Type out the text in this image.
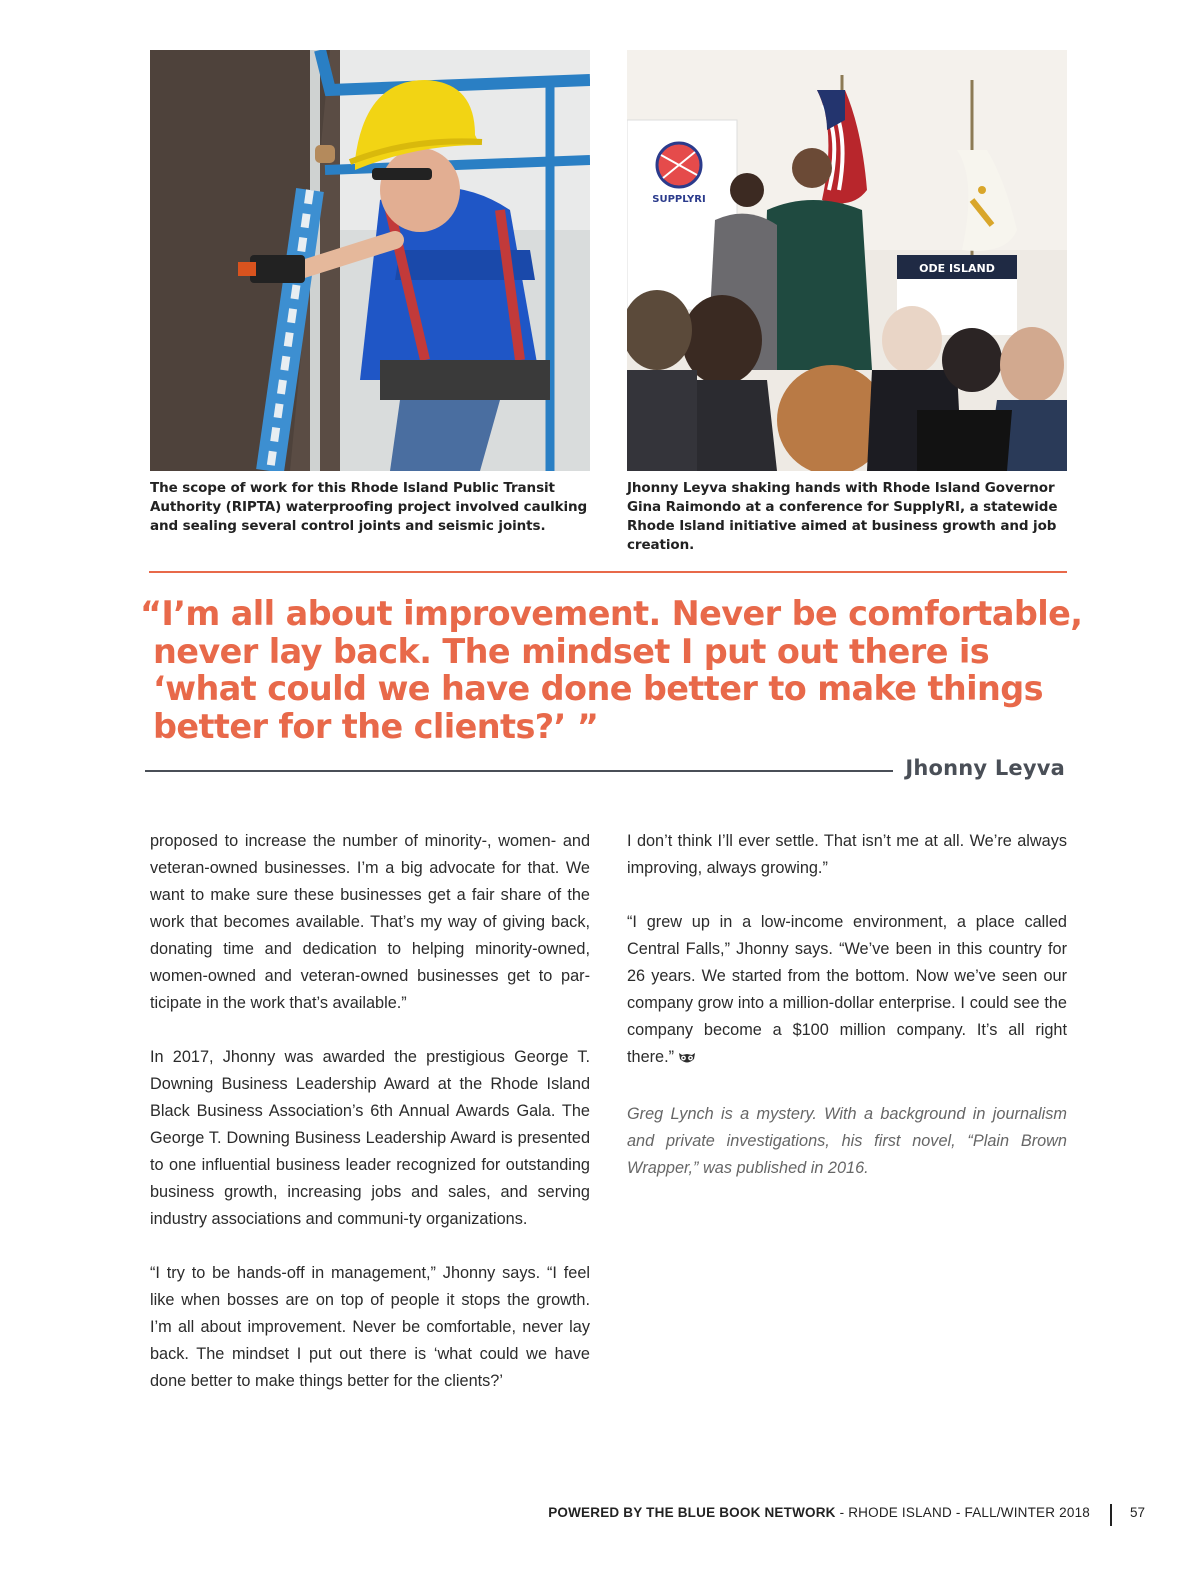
SUPPLYRI
ODE ISLAND
The scope of work for this Rhode Island Public Transit Authority (RIPTA) waterproofing project involved caulking and sealing several control joints and seismic joints.
Jhonny Leyva shaking hands with Rhode Island Governor Gina Raimondo at a conference for SupplyRI, a statewide Rhode Island initiative aimed at business growth and job creation.
“I’m all about improvement. Never be comfortable,
never lay back. The mindset I put out there is
‘what could we have done better to make things
better for the clients?’ ”
Jhonny Leyva

proposed to increase the number of minority-, women- and veteran-owned businesses. I’m a big advocate for that. We want to make sure these businesses get a fair share of the work that becomes available. That’s my way of giving back, donating time and dedication to helping minority-owned, women-owned and veteran-owned businesses get to par-ticipate in the work that’s available.”

In 2017, Jhonny was awarded the prestigious George T. Downing Business Leadership Award at the Rhode Island Black Business Association’s 6th Annual Awards Gala. The George T. Downing Business Leadership Award is presented to one influential business leader recognized for outstanding business growth, increasing jobs and sales, and serving industry associations and communi-ty organizations.

“I try to be hands-off in management,” Jhonny says. “I feel like when bosses are on top of people it stops the growth. I’m all about improvement. Never be comfortable, never lay back. The mindset I put out there is ‘what could we have done better to make things better for the clients?’

I don’t think I’ll ever settle. That isn’t me at all. We’re always improving, always growing.”

“I grew up in a low-income environment, a place called Central Falls,” Jhonny says. “We’ve been in this country for 26 years. We started from the bottom. Now we’ve seen our company grow into a million-dollar enterprise. I could see the company become a $100 million company. It’s all right there.”

Greg Lynch is a mystery. With a background in journalism and private investigations, his first novel, “Plain Brown Wrapper,” was published in 2016.

POWERED BY THE BLUE BOOK NETWORK - RHODE ISLAND - FALL/WINTER 2018	57
